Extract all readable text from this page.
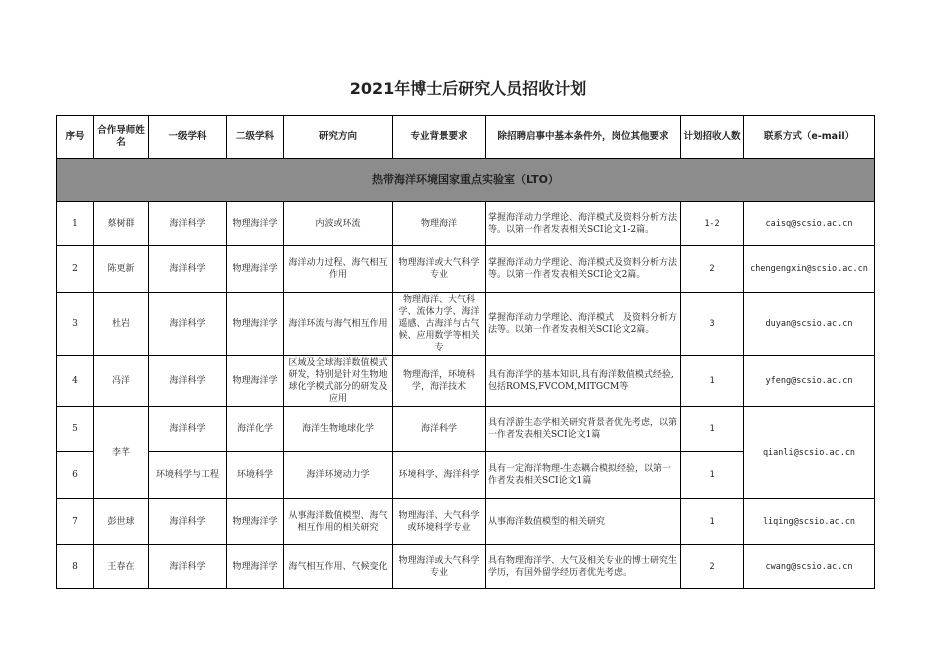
2021年博士后研究人员招收计划
序号	合作导师姓名	一级学科	二级学科	研究方向	专业背景要求	除招聘启事中基本条件外，岗位其他要求	计划招收人数	联系方式（e-mail）
热带海洋环境国家重点实验室（LTO）								
1	蔡树群	海洋科学	物理海洋学	内波或环流	物理海洋	掌握海洋动力学理论、海洋模式及资料分析方法等。以第一作者发表相关SCI论文1-2篇。	1-2	caisq@scsio.ac.cn
2	陈更新	海洋科学	物理海洋学	海洋动力过程、海气相互作用	物理海洋或大气科学专业	掌握海洋动力学理论、海洋模式及资料分析方法等。以第一作者发表相关SCI论文2篇。	2	chengengxin@scsio.ac.cn
3	杜岩	海洋科学	物理海洋学	海洋环流与海气相互作用	物理海洋、大气科学、流体力学、海洋遥感、古海洋与古气候、应用数学等相关专	掌握海洋动力学理论、海洋模式　及资料分析方法等。以第一作者发表相关SCI论文2篇。	3	duyan@scsio.ac.cn
4	冯洋	海洋科学	物理海洋学	区域及全球海洋数值模式研发，特别是针对生物地球化学模式部分的研发及应用	物理海洋，环境科学，海洋技术	具有海洋学的基本知识,具有海洋数值模式经验,包括ROMS,FVCOM,MITGCM等	1	yfeng@scsio.ac.cn
5	李芊	海洋科学	海洋化学	海洋生物地球化学	海洋科学	具有浮游生态学相关研究背景者优先考虑，以第一作者发表相关SCI论文1篇	1	qianli@scsio.ac.cn
6		环境科学与工程	环境科学	海洋环境动力学	环境科学、海洋科学	具有一定海洋物理-生态耦合模拟经验，以第一作者发表相关SCI论文1篇	1	
7	彭世球	海洋科学	物理海洋学	从事海洋数值模型、海气相互作用的相关研究	物理海洋、大气科学或环境科学专业	从事海洋数值模型的相关研究	1	liqing@scsio.ac.cn
8	王春在	海洋科学	物理海洋学	海气相互作用、气候变化	物理海洋或大气科学专业	具有物理海洋学、大气及相关专业的博士研究生学历，有国外留学经历者优先考虑。	2	cwang@scsio.ac.cn
